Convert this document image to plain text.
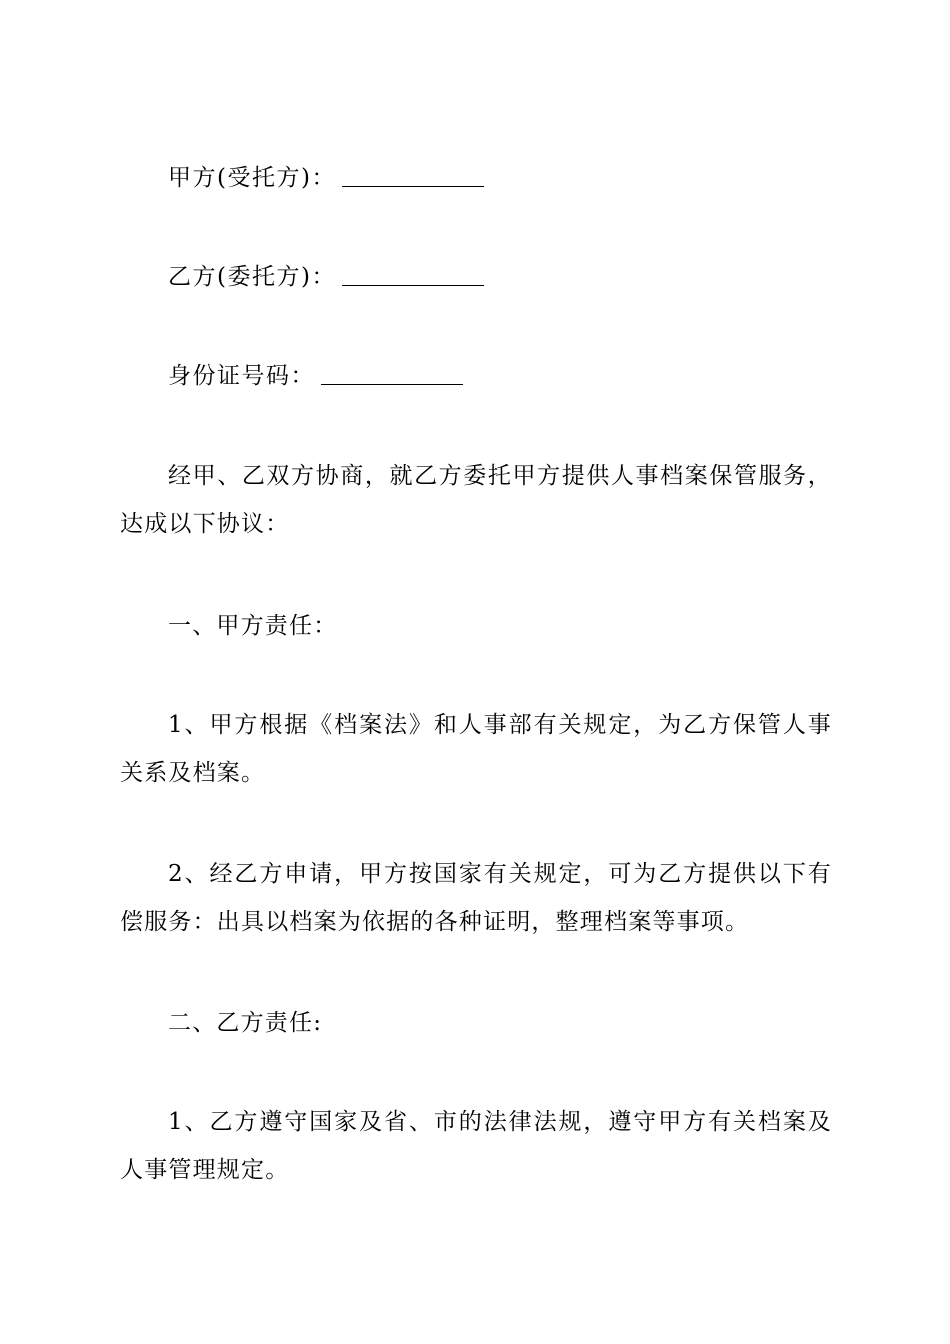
甲方(受托方)：
乙方(委托方)：
身份证号码：
经甲、乙双方协商，就乙方委托甲方提供人事档案保管服务，达成以下协议：
一、甲方责任：
1、甲方根据《档案法》和人事部有关规定，为乙方保管人事关系及档案。
2、经乙方申请，甲方按国家有关规定，可为乙方提供以下有偿服务：出具以档案为依据的各种证明，整理档案等事项。
二、乙方责任:
1、乙方遵守国家及省、市的法律法规，遵守甲方有关档案及人事管理规定。
